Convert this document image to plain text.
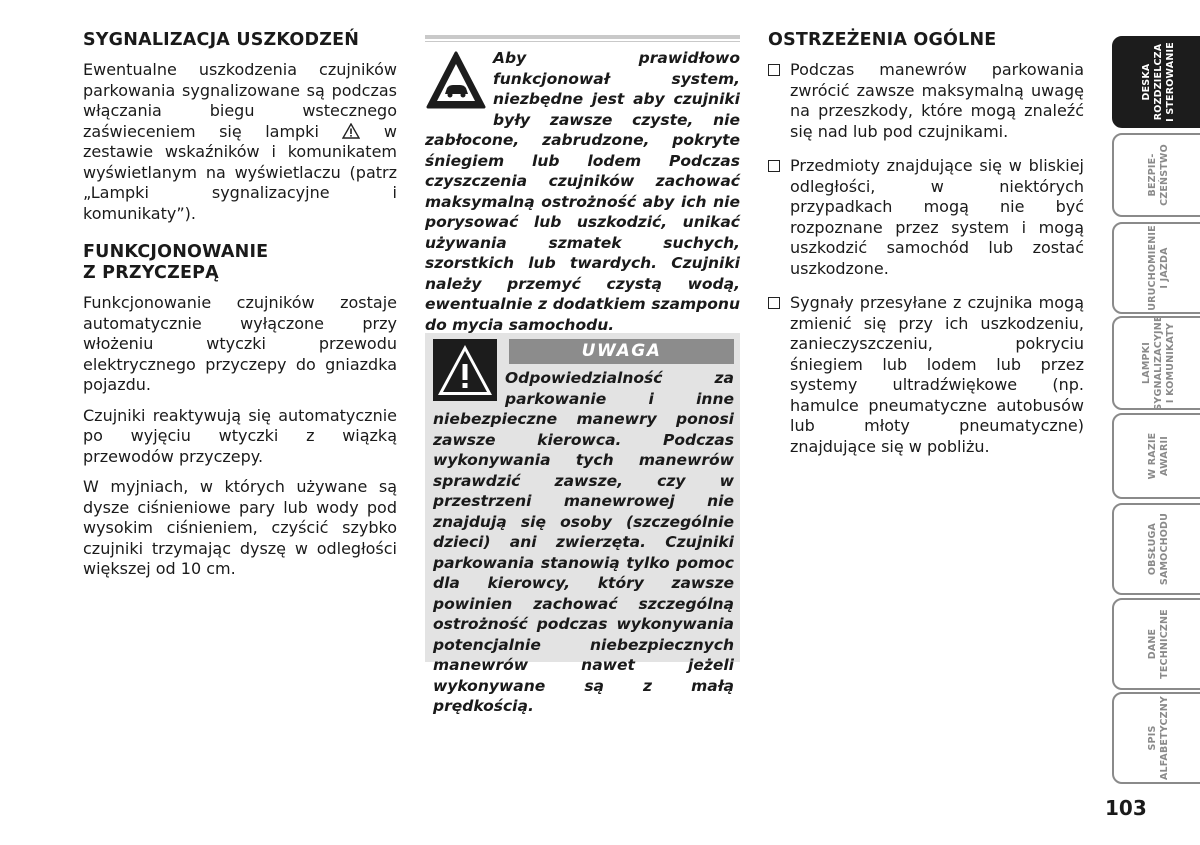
SYGNALIZACJA USZKODZEŃ

Ewentualne uszkodzenia czujników parkowania sygnalizowane są podczas włączania biegu wstecznego zaświeceniem się lampki	w zestawie wskaźników i komunikatem wyświetlanym na wyświetlaczu (patrz „Lampki sygnalizacyjne i komunikaty”).

FUNKCJONOWANIE
Z PRZYCZEPĄ

Funkcjonowanie czujników zostaje automatycznie wyłączone przy włożeniu wtyczki przewodu elektrycznego przyczepy do gniazdka pojazdu.

Czujniki reaktywują się automatycznie po wyjęciu wtyczki z wiązką przewodów przyczepy.

W myjniach, w których używane są dysze ciśnieniowe pary lub wody pod wysokim ciśnieniem, czyścić szybko czujniki trzymając dyszę w odległości większej od 10 cm.

Aby prawidłowo funkcjonował system, niezbędne jest aby czujniki były zawsze czyste, nie zabłocone, zabrudzone, pokryte śniegiem lub lodem Podczas czyszczenia czujników zachować maksymalną ostrożność aby ich nie porysować lub uszkodzić, unikać używania szmatek suchych, szorstkich lub twardych. Czujniki należy przemyć czystą wodą, ewentualnie z dodatkiem szamponu do mycia samochodu.

UWAGA

Odpowiedzialność za parkowanie i inne niebezpieczne manewry ponosi zawsze kierowca. Podczas wykonywania tych manewrów sprawdzić zawsze, czy w przestrzeni manewrowej nie znajdują się osoby (szczególnie dzieci) ani zwierzęta. Czujniki parkowania stanowią tylko pomoc dla kierowcy, który zawsze powinien zachować szczególną ostrożność podczas wykonywania potencjalnie niebezpiecznych manewrów nawet jeżeli wykonywane są z małą prędkością.

OSTRZEŻENIA OGÓLNE

Podczas manewrów parkowania zwrócić zawsze maksymalną uwagę na przeszkody, które mogą znaleźć się nad lub pod czujnikami.

Przedmioty znajdujące się w bliskiej odległości, w niektórych przypadkach mogą nie być rozpoznane przez system i mogą uszkodzić samochód lub zostać uszkodzone.

Sygnały przesyłane z czujnika mogą zmienić się przy ich uszkodzeniu, zanieczyszczeniu, pokryciu śniegiem lub lodem lub przez systemy ultradźwiękowe (np. hamulce pneumatyczne autobusów lub młoty pneumatyczne) znajdujące się w pobliżu.

DESKA
ROZDZIELCZA
I STEROWANIE
BEZPIE-
CZEŃSTWO
URUCHOMIENIE
I JAZDA
LAMPKI
SYGNALIZACYJNE
I KOMUNIKATY
W RAZIE
AWARII
OBSŁUGA
SAMOCHODU
DANE
TECHNICZNE
SPIS
ALFABETYCZNY
103
